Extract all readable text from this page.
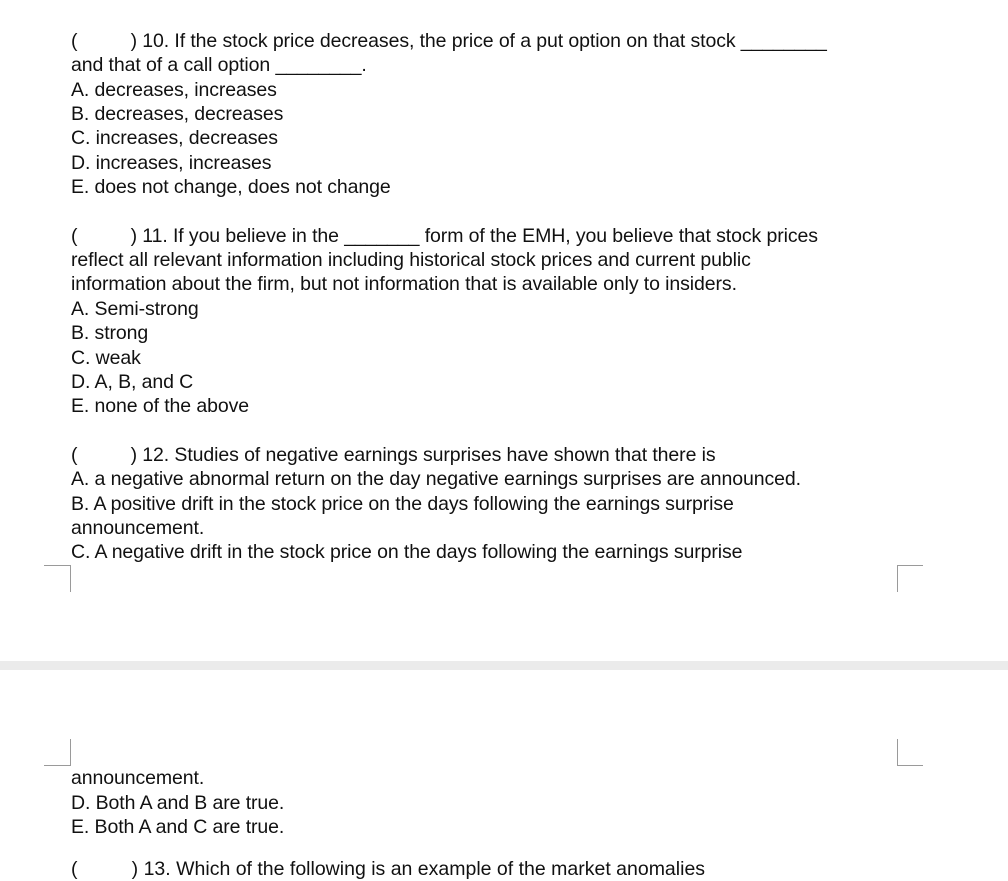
(          ) 10. If the stock price decreases, the price of a put option on that stock ________
and that of a call option ________.
A. decreases, increases
B. decreases, decreases
C. increases, decreases
D. increases, increases
E. does not change, does not change
(          ) 11. If you believe in the _______ form of the EMH, you believe that stock prices
reflect all relevant information including historical stock prices and current public
information about the firm, but not information that is available only to insiders.
A. Semi-strong
B. strong
C. weak
D. A, B, and C
E. none of the above
(          ) 12. Studies of negative earnings surprises have shown that there is
A. a negative abnormal return on the day negative earnings surprises are announced.
B. A positive drift in the stock price on the days following the earnings surprise
announcement.
C. A negative drift in the stock price on the days following the earnings surprise
announcement.
D. Both A and B are true.
E. Both A and C are true.
(          ) 13. Which of the following is an example of the market anomalies
